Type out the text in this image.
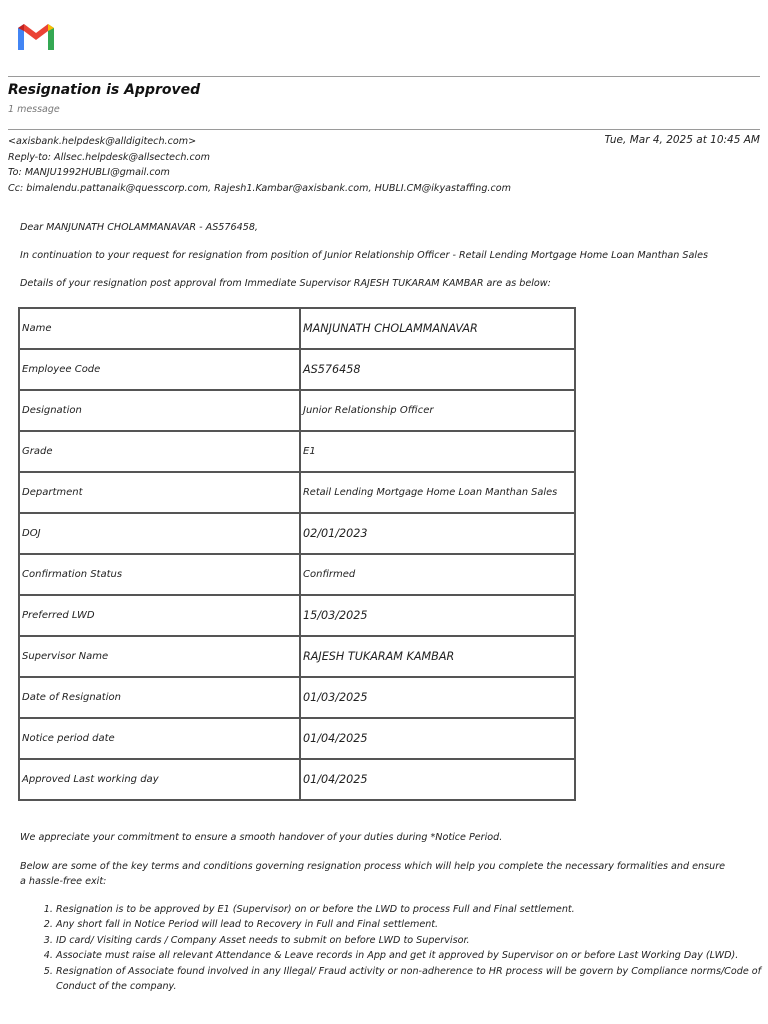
Resignation is Approved
1 message
<axisbank.helpdesk@alldigitech.com>	Tue, Mar 4, 2025 at 10:45 AM
Reply-to: Allsec.helpdesk@allsectech.com
To: MANJU1992HUBLI@gmail.com
Cc: bimalendu.pattanaik@quesscorp.com, Rajesh1.Kambar@axisbank.com, HUBLI.CM@ikyastaffing.com
Dear MANJUNATH CHOLAMMANAVAR - AS576458,
In continuation to your request for resignation from position of Junior Relationship Officer - Retail Lending Mortgage Home Loan Manthan Sales
Details of your resignation post approval from Immediate Supervisor RAJESH TUKARAM KAMBAR are as below:
Name	MANJUNATH CHOLAMMANAVAR
Employee Code	AS576458
Designation	Junior Relationship Officer
Grade	E1
Department	Retail Lending Mortgage Home Loan Manthan Sales
DOJ	02/01/2023
Confirmation Status	Confirmed
Preferred LWD	15/03/2025
Supervisor Name	RAJESH TUKARAM KAMBAR
Date of Resignation	01/03/2025
Notice period date	01/04/2025
Approved Last working day	01/04/2025
We appreciate your commitment to ensure a smooth handover of your duties during *Notice Period.
Below are some of the key terms and conditions governing resignation process which will help you complete the necessary formalities and ensure a hassle-free exit:
1. Resignation is to be approved by E1 (Supervisor) on or before the LWD to process Full and Final settlement.
2. Any short fall in Notice Period will lead to Recovery in Full and Final settlement.
3. ID card/ Visiting cards / Company Asset needs to submit on before LWD to Supervisor.
4. Associate must raise all relevant Attendance & Leave records in App and get it approved by Supervisor on or before Last Working Day (LWD).
5. Resignation of Associate found involved in any Illegal/ Fraud activity or non-adherence to HR process will be govern by Compliance norms/Code of Conduct of the company.
